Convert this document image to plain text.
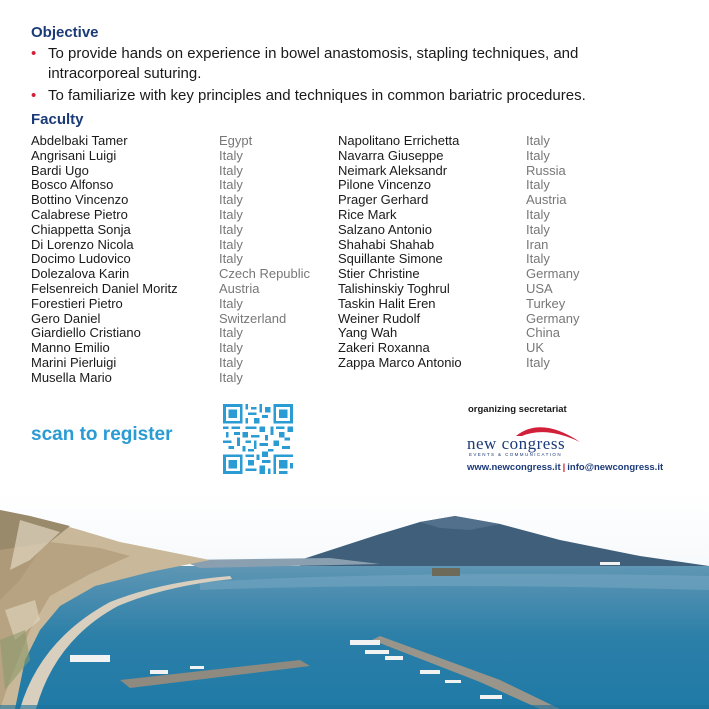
Objective
• To provide hands on experience in bowel anastomosis, stapling techniques, and
intracorporeal suturing.
• To familiarize with key principles and techniques in common bariatric procedures.
Faculty
Abdelbaki Tamer	Egypt
Angrisani Luigi	Italy
Bardi Ugo	Italy
Bosco Alfonso	Italy
Bottino Vincenzo	Italy
Calabrese Pietro	Italy
Chiappetta Sonja	Italy
Di Lorenzo Nicola	Italy
Docimo Ludovico	Italy
Dolezalova Karin	Czech Republic
Felsenreich Daniel Moritz	Austria
Forestieri Pietro	Italy
Gero Daniel	Switzerland
Giardiello Cristiano	Italy
Manno Emilio	Italy
Marini Pierluigi	Italy
Musella Mario	Italy
Napolitano Errichetta	Italy
Navarra Giuseppe	Italy
Neimark Aleksandr	Russia
Pilone Vincenzo	Italy
Prager Gerhard	Austria
Rice Mark	Italy
Salzano Antonio	Italy
Shahabi Shahab	Iran
Squillante Simone	Italy
Stier Christine	Germany
Talishinskiy Toghrul	USA
Taskin Halit Eren	Turkey
Weiner Rudolf	Germany
Yang Wah	China
Zakeri Roxanna	UK
Zappa Marco Antonio	Italy
scan to register
organizing secretariat
new congress
EVENTS & COMMUNICATION
www.newcongress.it | info@newcongress.it
